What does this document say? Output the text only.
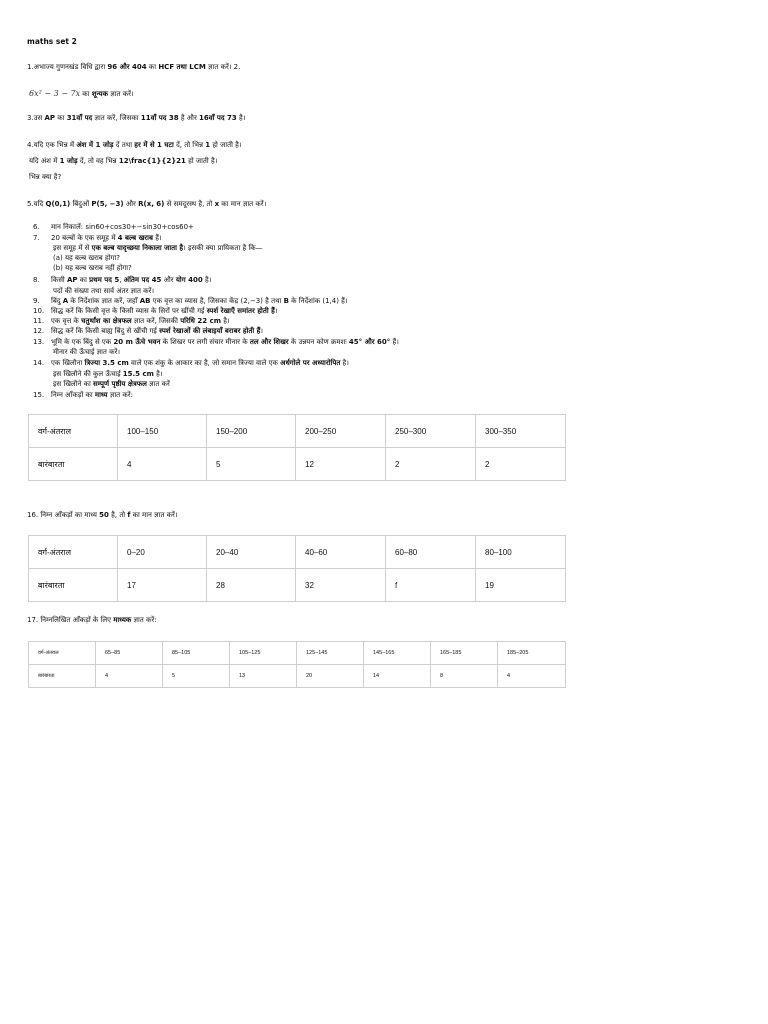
maths set 2
1.अभाज्य गुणनखंड विधि द्वारा 96 और 404 का HCF तथा LCM ज्ञात करें। 2.
6x² − 3 − 7x का शून्यक ज्ञात करें।
3.उस AP का 31वाँ पद ज्ञात करें, जिसका 11वाँ पद 38 है और 16वाँ पद 73 है।
4.यदि एक भिन्न में अंश में 1 जोड़ दें तथा हर में से 1 घटा दें, तो भिन्न 1 हो जाती है।
यदि अंश में 1 जोड़ दें, तो वह भिन्न 12\frac{1}{2}21 हो जाती है।
भिन्न क्या है?
5.यदि Q(0,1) बिंदुओं P(5, −3) और R(x, 6) से समदूरस्थ है, तो x का मान ज्ञात करें।
6. मान निकालें: sin60+cos30+−sin30+cos60+
7. 20 बल्बों के एक समूह में 4 बल्ब खराब हैं।
इस समूह में से एक बल्ब यादृच्छया निकाला जाता है। इसकी क्या प्रायिकता है कि—
(a) यह बल्ब खराब होगा?
(b) यह बल्ब खराब नहीं होगा?
8. किसी AP का प्रथम पद 5, अंतिम पद 45 और योग 400 है।
पदों की संख्या तथा सार्व अंतर ज्ञात करें।
9. बिंदु A के निर्देशांक ज्ञात करें, जहाँ AB एक वृत्त का व्यास है, जिसका केंद्र (2,−3) है तथा B के निर्देशांक (1,4) हैं।
10. सिद्ध करें कि किसी वृत्त के किसी व्यास के सिरों पर खींची गई स्पर्श रेखाएँ समांतर होती हैं।
11. एक वृत्त के चतुर्थांश का क्षेत्रफल ज्ञात करें, जिसकी परिधि 22 cm है।
12. सिद्ध करें कि किसी बाह्य बिंदु से खींची गई स्पर्श रेखाओं की लंबाइयाँ बराबर होती हैं।
13. भूमि के एक बिंदु से एक 20 m ऊँचे भवन के शिखर पर लगी संचार मीनार के तल और शिखर के उन्नयन कोण क्रमशः 45° और 60° हैं।
मीनार की ऊँचाई ज्ञात करें।
14. एक खिलौना त्रिज्या 3.5 cm वाले एक शंकु के आकार का है, जो समान त्रिज्या वाले एक अर्धगोले पर अध्यारोपित है।
इस खिलौने की कुल ऊँचाई 15.5 cm है।
इस खिलौने का सम्पूर्ण पृष्ठीय क्षेत्रफल ज्ञात करें
15. निम्न आँकड़ों का माध्य ज्ञात करें:
वर्ग-अंतराल	100–150	150–200	200–250	250–300	300–350
बारंबारता	4	5	12	2	2
16. निम्न आँकड़ों का माध्य 50 है, तो f का मान ज्ञात करें।
वर्ग-अंतराल	0–20	20–40	40–60	60–80	80–100
बारंबारता	17	28	32	f	19
17. निम्नलिखित आँकड़ों के लिए माध्यक ज्ञात करें:
वर्ग-अंतराल	65–85	85–105	105–125	125–145	145–165	165–185	185–205
बारंबारता	4	5	13	20	14	8	4
